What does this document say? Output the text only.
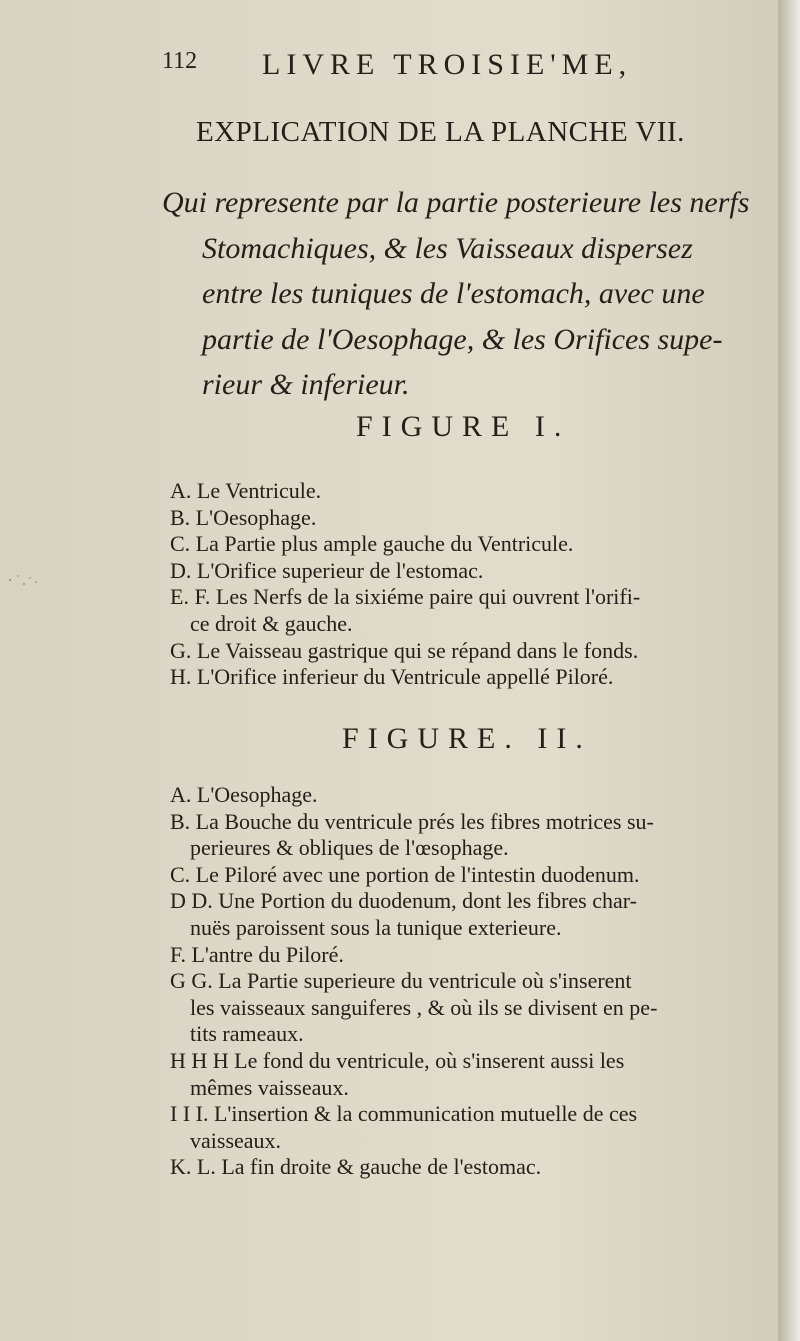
112 LIVRE TROISIE'ME,
EXPLICATION DE LA PLANCHE VII.
Qui represente par la partie posterieure les nerfs
Stomachiques, & les Vaisseaux dispersez
entre les tuniques de l'estomach, avec une
partie de l'Oesophage, & les Orifices supe-
rieur & inferieur.
FIGURE I.
A. Le Ventricule.
B. L'Oesophage.
C. La Partie plus ample gauche du Ventricule.
D. L'Orifice superieur de l'estomac.
E. F. Les Nerfs de la sixiéme paire qui ouvrent l'orifi-
ce droit & gauche.
G. Le Vaisseau gastrique qui se répand dans le fonds.
H. L'Orifice inferieur du Ventricule appellé Piloré.
FIGURE. II.
A. L'Oesophage.
B. La Bouche du ventricule prés les fibres motrices su-
perieures & obliques de l'œsophage.
C. Le Piloré avec une portion de l'intestin duodenum.
D D. Une Portion du duodenum, dont les fibres char-
nuës paroissent sous la tunique exterieure.
F. L'antre du Piloré.
G G. La Partie superieure du ventricule où s'inserent
les vaisseaux sanguiferes , & où ils se divisent en pe-
tits rameaux.
H H H Le fond du ventricule, où s'inserent aussi les
mêmes vaisseaux.
I I I. L'insertion & la communication mutuelle de ces
vaisseaux.
K. L. La fin droite & gauche de l'estomac.
